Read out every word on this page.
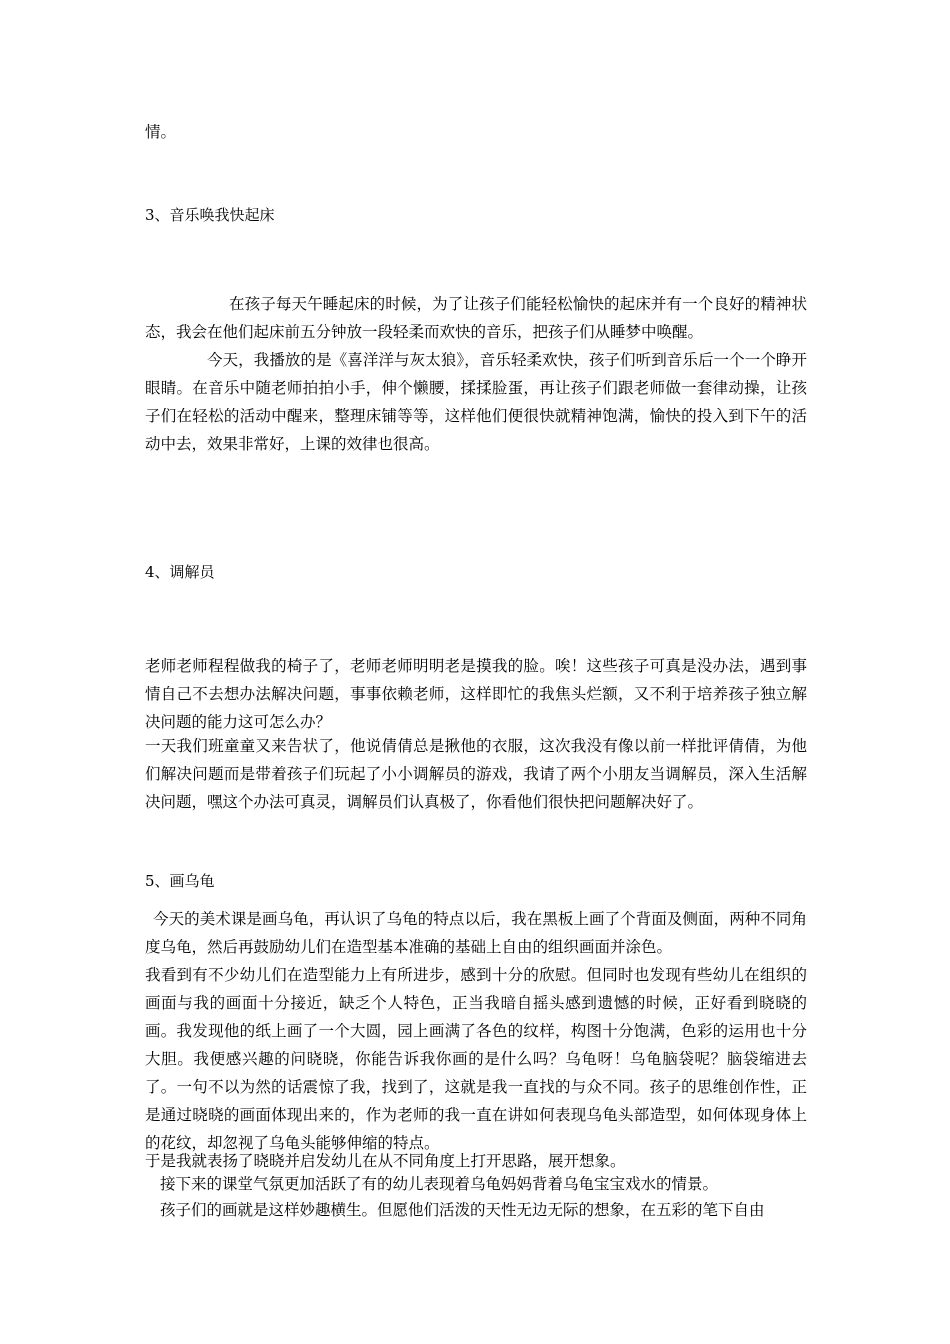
情。

3、音乐唤我快起床

在孩子每天午睡起床的时候，为了让孩子们能轻松愉快的起床并有一个良好的精神状态，我会在他们起床前五分钟放一段轻柔而欢快的音乐，把孩子们从睡梦中唤醒。

今天，我播放的是《喜洋洋与灰太狼》，音乐轻柔欢快，孩子们听到音乐后一个一个睁开眼睛。在音乐中随老师拍拍小手，伸个懒腰，揉揉脸蛋，再让孩子们跟老师做一套律动操，让孩子们在轻松的活动中醒来，整理床铺等等，这样他们便很快就精神饱满，愉快的投入到下午的活动中去，效果非常好，上课的效律也很高。

4、调解员

老师老师程程做我的椅子了，老师老师明明老是摸我的脸。唉！这些孩子可真是没办法，遇到事情自己不去想办法解决问题，事事依赖老师，这样即忙的我焦头烂额，又不利于培养孩子独立解决问题的能力这可怎么办？

一天我们班童童又来告状了，他说倩倩总是揪他的衣服，这次我没有像以前一样批评倩倩，为他们解决问题而是带着孩子们玩起了小小调解员的游戏，我请了两个小朋友当调解员，深入生活解决问题，嘿这个办法可真灵，调解员们认真极了，你看他们很快把问题解决好了。

5、画乌龟

今天的美术课是画乌龟，再认识了乌龟的特点以后，我在黑板上画了个背面及侧面，两种不同角度乌龟，然后再鼓励幼儿们在造型基本准确的基础上自由的组织画面并涂色。

我看到有不少幼儿们在造型能力上有所进步，感到十分的欣慰。但同时也发现有些幼儿在组织的画面与我的画面十分接近，缺乏个人特色，正当我暗自摇头感到遗憾的时候，正好看到晓晓的画。我发现他的纸上画了一个大圆，园上画满了各色的纹样，构图十分饱满，色彩的运用也十分大胆。我便感兴趣的问晓晓，你能告诉我你画的是什么吗？乌龟呀！乌龟脑袋呢？脑袋缩进去了。一句不以为然的话震惊了我，找到了，这就是我一直找的与众不同。孩子的思维创作性，正是通过晓晓的画面体现出来的，作为老师的我一直在讲如何表现乌龟头部造型，如何体现身体上的花纹，却忽视了乌龟头能够伸缩的特点。

于是我就表扬了晓晓并启发幼儿在从不同角度上打开思路，展开想象。

接下来的课堂气氛更加活跃了有的幼儿表现着乌龟妈妈背着乌龟宝宝戏水的情景。

孩子们的画就是这样妙趣横生。但愿他们活泼的天性无边无际的想象，在五彩的笔下自由
